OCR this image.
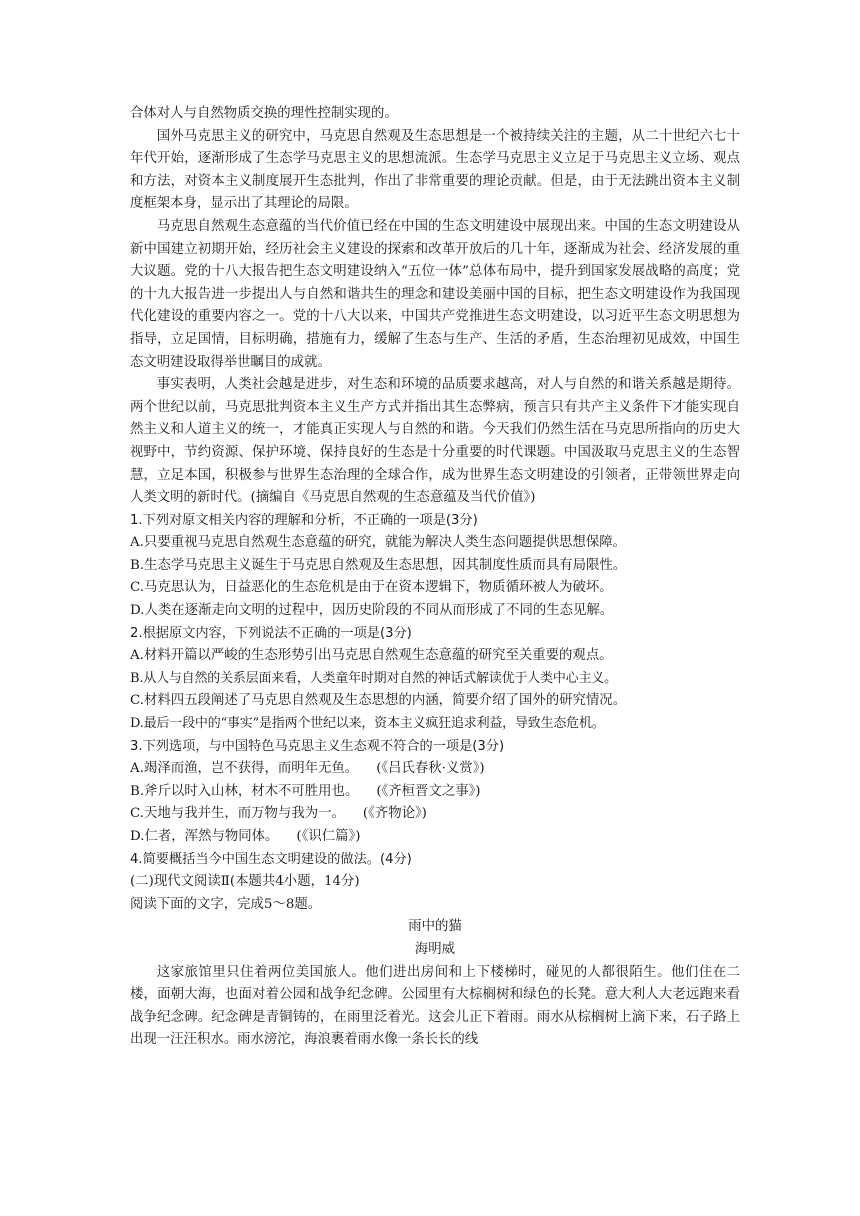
合体对人与自然物质交换的理性控制实现的。

国外马克思主义的研究中，马克思自然观及生态思想是一个被持续关注的主题，从二十世纪六七十年代开始，逐渐形成了生态学马克思主义的思想流派。生态学马克思主义立足于马克思主义立场、观点和方法，对资本主义制度展开生态批判，作出了非常重要的理论贡献。但是，由于无法跳出资本主义制度框架本身，显示出了其理论的局限。

马克思自然观生态意蕴的当代价值已经在中国的生态文明建设中展现出来。中国的生态文明建设从新中国建立初期开始，经历社会主义建设的探索和改革开放后的几十年，逐渐成为社会、经济发展的重大议题。党的十八大报告把生态文明建设纳入“五位一体”总体布局中，提升到国家发展战略的高度；党的十九大报告进一步提出人与自然和谐共生的理念和建设美丽中国的目标，把生态文明建设作为我国现代化建设的重要内容之一。党的十八大以来，中国共产党推进生态文明建设，以习近平生态文明思想为指导，立足国情，目标明确，措施有力，缓解了生态与生产、生活的矛盾，生态治理初见成效，中国生态文明建设取得举世瞩目的成就。

事实表明，人类社会越是进步，对生态和环境的品质要求越高，对人与自然的和谐关系越是期待。两个世纪以前，马克思批判资本主义生产方式并指出其生态弊病，预言只有共产主义条件下才能实现自然主义和人道主义的统一，才能真正实现人与自然的和谐。今天我们仍然生活在马克思所指向的历史大视野中，节约资源、保护环境、保持良好的生态是十分重要的时代课题。中国汲取马克思主义的生态智慧，立足本国，积极参与世界生态治理的全球合作，成为世界生态文明建设的引领者，正带领世界走向人类文明的新时代。(摘编自《马克思自然观的生态意蕴及当代价值》)

1.下列对原文相关内容的理解和分析，不正确的一项是(3分)

A.只要重视马克思自然观生态意蕴的研究，就能为解决人类生态问题提供思想保障。

B.生态学马克思主义诞生于马克思自然观及生态思想，因其制度性质而具有局限性。

C.马克思认为，日益恶化的生态危机是由于在资本逻辑下，物质循环被人为破坏。

D.人类在逐渐走向文明的过程中，因历史阶段的不同从而形成了不同的生态见解。

2.根据原文内容，下列说法不正确的一项是(3分)

A.材料开篇以严峻的生态形势引出马克思自然观生态意蕴的研究至关重要的观点。

B.从人与自然的关系层面来看，人类童年时期对自然的神话式解读优于人类中心主义。

C.材料四五段阐述了马克思自然观及生态思想的内涵，简要介绍了国外的研究情况。

D.最后一段中的“事实”是指两个世纪以来，资本主义疯狂追求利益，导致生态危机。

3.下列选项，与中国特色马克思主义生态观不符合的一项是(3分)

A.竭泽而渔，岂不获得，而明年无鱼。 (《吕氏春秋·义赏》)

B.斧斤以时入山林，材木不可胜用也。 (《齐桓晋文之事》)

C.天地与我并生，而万物与我为一。 (《齐物论》)

D.仁者，浑然与物同体。 (《识仁篇》)

4.简要概括当今中国生态文明建设的做法。(4分)

(二)现代文阅读Ⅱ(本题共4小题，14分)

阅读下面的文字，完成5～8题。

雨中的猫

海明威

这家旅馆里只住着两位美国旅人。他们进出房间和上下楼梯时，碰见的人都很陌生。他们住在二楼，面朝大海，也面对着公园和战争纪念碑。公园里有大棕榈树和绿色的长凳。意大利人大老远跑来看战争纪念碑。纪念碑是青铜铸的，在雨里泛着光。这会儿正下着雨。雨水从棕榈树上滴下来，石子路上出现一汪汪积水。雨水滂沱，海浪裹着雨水像一条长长的线
